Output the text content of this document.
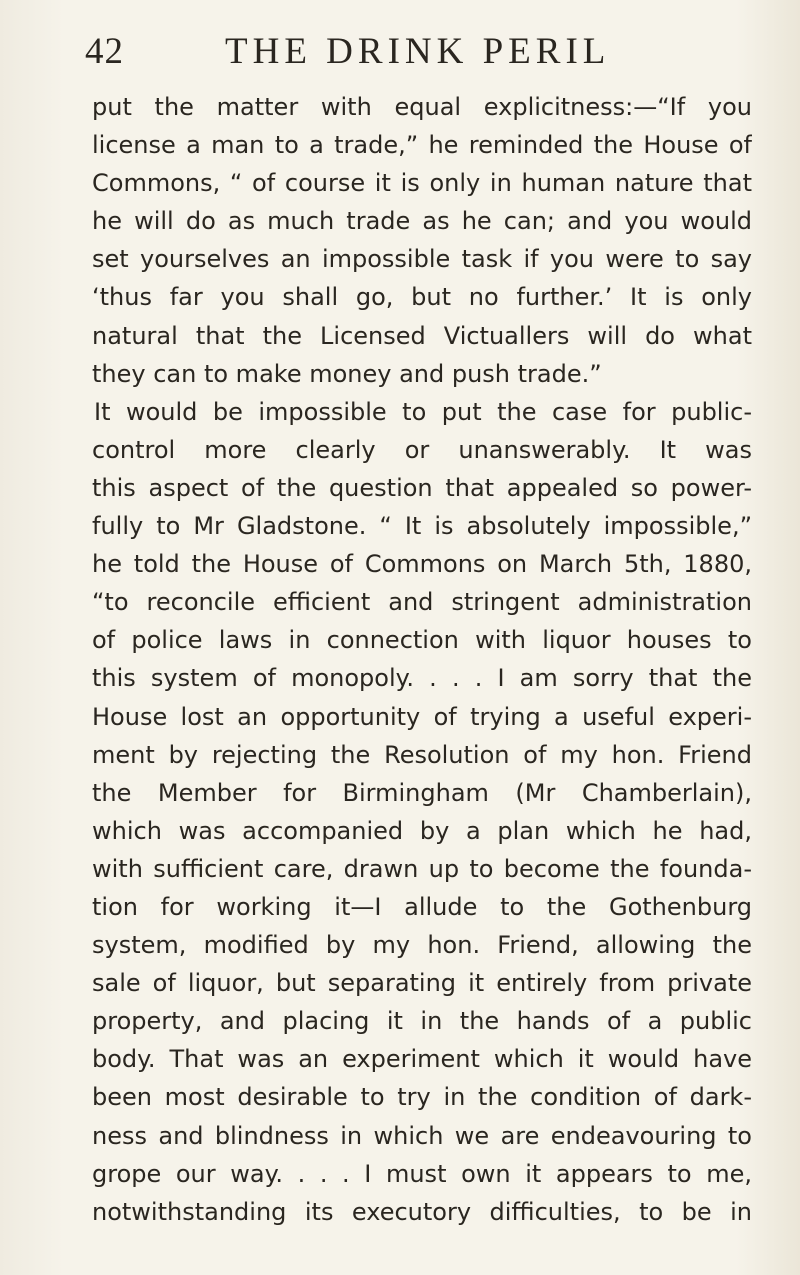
42	THE DRINK PERIL
put the matter with equal explicitness:—“If you
license a man to a trade,” he reminded the House of
Commons, “ of course it is only in human nature that
he will do as much trade as he can; and you would
set yourselves an impossible task if you were to say
‘thus far you shall go, but no further.’ It is only
natural that the Licensed Victuallers will do what
they can to make money and push trade.”
It would be impossible to put the case for public-
control more clearly or unanswerably. It was
this aspect of the question that appealed so power-
fully to Mr Gladstone. “ It is absolutely impossible,”
he told the House of Commons on March 5th, 1880,
“to reconcile efficient and stringent administration
of police laws in connection with liquor houses to
this system of monopoly. . . . I am sorry that the
House lost an opportunity of trying a useful experi-
ment by rejecting the Resolution of my hon. Friend
the Member for Birmingham (Mr Chamberlain),
which was accompanied by a plan which he had,
with sufficient care, drawn up to become the founda-
tion for working it—I allude to the Gothenburg
system, modified by my hon. Friend, allowing the
sale of liquor, but separating it entirely from private
property, and placing it in the hands of a public
body. That was an experiment which it would have
been most desirable to try in the condition of dark-
ness and blindness in which we are endeavouring to
grope our way. . . . I must own it appears to me,
notwithstanding its executory difficulties, to be in
